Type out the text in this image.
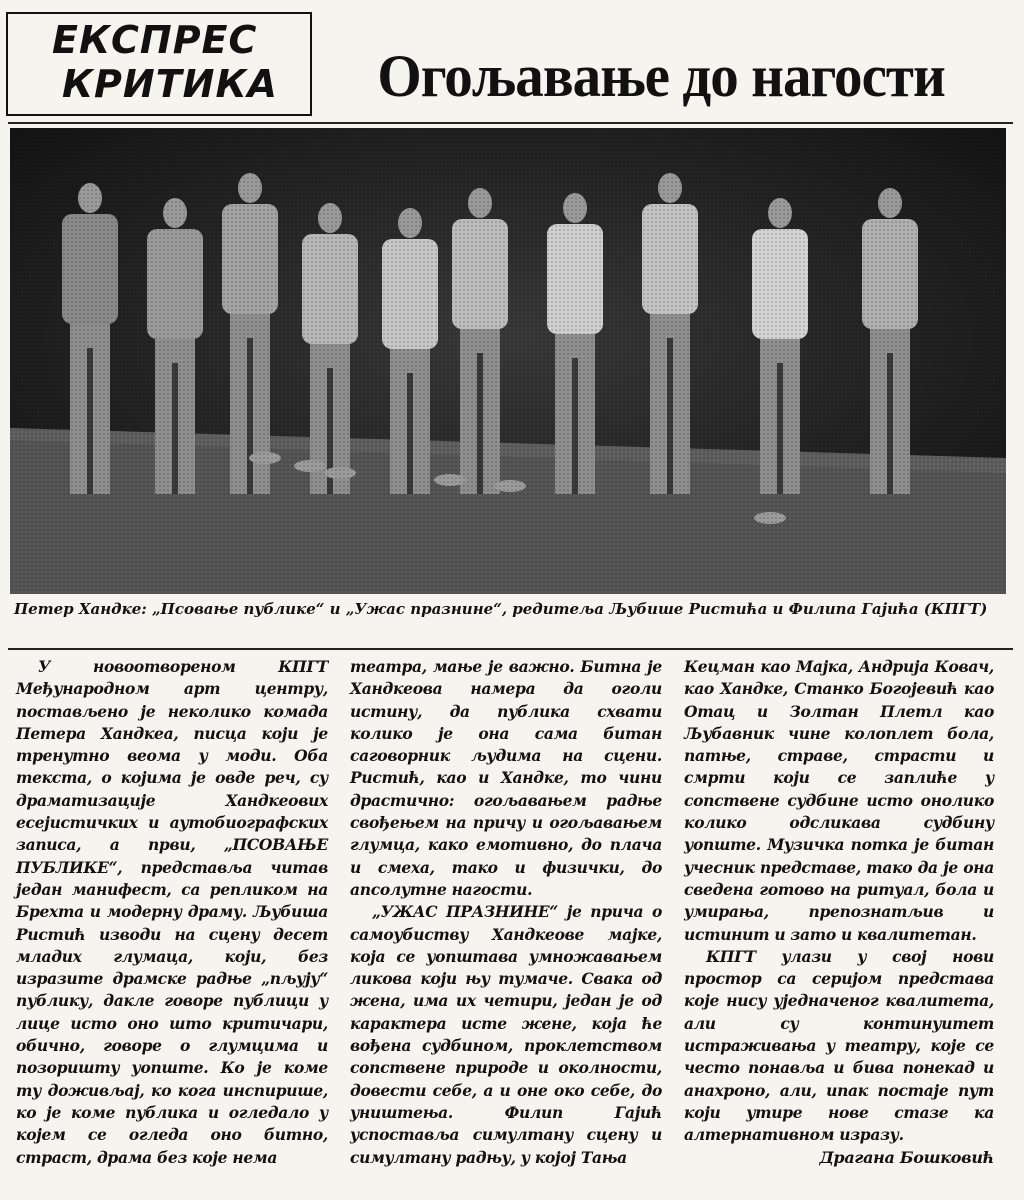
ЕКСПРЕС
КРИТИКА	Огољавање до нагости
Петер Хандке: „Псовање публике“ и „Ужас празнине“, редитеља Љубише Ристића и Филипа Гајића (КПГТ)

У новоотвореном КПГТ Међународном арт центру, постављено је неколико комада Петера Хандкеа, писца који је тренутно веома у моди. Оба текста, о којима је овде реч, су драматизације Хандкеових есејистичких и аутобиографских записа, а први, „ПСОВАЊЕ ПУБЛИКЕ“, представља читав један манифест, са репликом на Брехта и модерну драму. Љубиша Ристић изводи на сцену десет младих глумаца, који, без изразите драмске радње „пљују“ публику, дакле говоре публици у лице исто оно што критичари, обично, говоре о глумцима и позоришту уопште. Ко је коме ту доживљај, ко кога инспирише, ко је коме публика и огледало у којем се огледа оно битно, страст, драма без које нема

театра, мање је важно. Битна је Хандкеова намера да оголи истину, да публика схвати колико је она сама битан саговорник људима на сцени. Ристић, као и Хандке, то чини драстично: огољавањем радње свођењем на причу и огољавањем глумца, како емотивно, до плача и смеха, тако и физички, до апсолутне нагости.

„УЖАС ПРАЗНИНЕ“ је прича о самоубиству Хандкеове мајке, која се уопштава умножавањем ликова који њу тумаче. Свака од жена, има их четири, један је од карактера исте жене, која ће вођена судбином, проклетством сопствене природе и околности, довести себе, а и оне око себе, до уништења. Филип Гајић успоставља симултану сцену и симултану радњу, у којој Тања

Кецман као Мајка, Андрија Ковач, као Хандке, Станко Богојевић као Отац и Золтан Плетл као Љубавник чине колоплет бола, патње, страве, страсти и смрти који се заплиће у сопствене судбине исто онолико колико одсликава судбину уопште. Музичка потка је битан учесник представе, тако да је она сведена готово на ритуал, бола и умирања, препознатљив и истинит и зато и квалитетан.

КПГТ улази у свој нови простор са серијом представа које нису уједначеног квалитета, али су континуитет истраживања у театру, које се често понавља и бива понекад и анахроно, али, ипак постаје пут који утире нове стазе ка алтернативном изразу.

Драгана Бошковић
